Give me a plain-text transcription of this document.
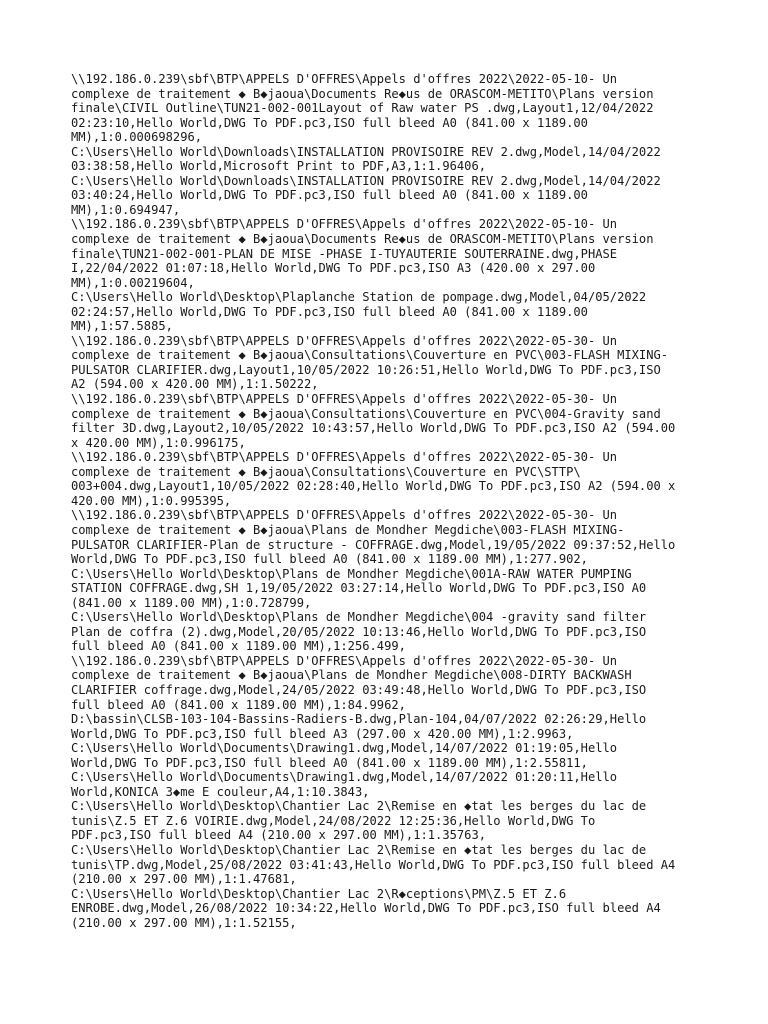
\\192.186.0.239\sbf\BTP\APPELS D'OFFRES\Appels d'offres 2022\2022-05-10- Un
complexe de traitement ◆ B◆jaoua\Documents Re◆us de ORASCOM-METITO\Plans version
finale\CIVIL Outline\TUN21-002-001Layout of Raw water PS .dwg,Layout1,12/04/2022
02:23:10,Hello World,DWG To PDF.pc3,ISO full bleed A0 (841.00 x 1189.00
MM),1:0.000698296,
C:\Users\Hello World\Downloads\INSTALLATION PROVISOIRE REV 2.dwg,Model,14/04/2022
03:38:58,Hello World,Microsoft Print to PDF,A3,1:1.96406,
C:\Users\Hello World\Downloads\INSTALLATION PROVISOIRE REV 2.dwg,Model,14/04/2022
03:40:24,Hello World,DWG To PDF.pc3,ISO full bleed A0 (841.00 x 1189.00
MM),1:0.694947,
\\192.186.0.239\sbf\BTP\APPELS D'OFFRES\Appels d'offres 2022\2022-05-10- Un
complexe de traitement ◆ B◆jaoua\Documents Re◆us de ORASCOM-METITO\Plans version
finale\TUN21-002-001-PLAN DE MISE -PHASE I-TUYAUTERIE SOUTERRAINE.dwg,PHASE
I,22/04/2022 01:07:18,Hello World,DWG To PDF.pc3,ISO A3 (420.00 x 297.00
MM),1:0.00219604,
C:\Users\Hello World\Desktop\Plaplanche Station de pompage.dwg,Model,04/05/2022
02:24:57,Hello World,DWG To PDF.pc3,ISO full bleed A0 (841.00 x 1189.00
MM),1:57.5885,
\\192.186.0.239\sbf\BTP\APPELS D'OFFRES\Appels d'offres 2022\2022-05-30- Un
complexe de traitement ◆ B◆jaoua\Consultations\Couverture en PVC\003-FLASH MIXING-
PULSATOR CLARIFIER.dwg,Layout1,10/05/2022 10:26:51,Hello World,DWG To PDF.pc3,ISO
A2 (594.00 x 420.00 MM),1:1.50222,
\\192.186.0.239\sbf\BTP\APPELS D'OFFRES\Appels d'offres 2022\2022-05-30- Un
complexe de traitement ◆ B◆jaoua\Consultations\Couverture en PVC\004-Gravity sand
filter 3D.dwg,Layout2,10/05/2022 10:43:57,Hello World,DWG To PDF.pc3,ISO A2 (594.00
x 420.00 MM),1:0.996175,
\\192.186.0.239\sbf\BTP\APPELS D'OFFRES\Appels d'offres 2022\2022-05-30- Un
complexe de traitement ◆ B◆jaoua\Consultations\Couverture en PVC\STTP\
003+004.dwg,Layout1,10/05/2022 02:28:40,Hello World,DWG To PDF.pc3,ISO A2 (594.00 x
420.00 MM),1:0.995395,
\\192.186.0.239\sbf\BTP\APPELS D'OFFRES\Appels d'offres 2022\2022-05-30- Un
complexe de traitement ◆ B◆jaoua\Plans de Mondher Megdiche\003-FLASH MIXING-
PULSATOR CLARIFIER-Plan de structure - COFFRAGE.dwg,Model,19/05/2022 09:37:52,Hello
World,DWG To PDF.pc3,ISO full bleed A0 (841.00 x 1189.00 MM),1:277.902,
C:\Users\Hello World\Desktop\Plans de Mondher Megdiche\001A-RAW WATER PUMPING
STATION COFFRAGE.dwg,SH 1,19/05/2022 03:27:14,Hello World,DWG To PDF.pc3,ISO A0
(841.00 x 1189.00 MM),1:0.728799,
C:\Users\Hello World\Desktop\Plans de Mondher Megdiche\004 -gravity sand filter
Plan de coffra (2).dwg,Model,20/05/2022 10:13:46,Hello World,DWG To PDF.pc3,ISO
full bleed A0 (841.00 x 1189.00 MM),1:256.499,
\\192.186.0.239\sbf\BTP\APPELS D'OFFRES\Appels d'offres 2022\2022-05-30- Un
complexe de traitement ◆ B◆jaoua\Plans de Mondher Megdiche\008-DIRTY BACKWASH
CLARIFIER coffrage.dwg,Model,24/05/2022 03:49:48,Hello World,DWG To PDF.pc3,ISO
full bleed A0 (841.00 x 1189.00 MM),1:84.9962,
D:\bassin\CLSB-103-104-Bassins-Radiers-B.dwg,Plan-104,04/07/2022 02:26:29,Hello
World,DWG To PDF.pc3,ISO full bleed A3 (297.00 x 420.00 MM),1:2.9963,
C:\Users\Hello World\Documents\Drawing1.dwg,Model,14/07/2022 01:19:05,Hello
World,DWG To PDF.pc3,ISO full bleed A0 (841.00 x 1189.00 MM),1:2.55811,
C:\Users\Hello World\Documents\Drawing1.dwg,Model,14/07/2022 01:20:11,Hello
World,KONICA 3◆me E couleur,A4,1:10.3843,
C:\Users\Hello World\Desktop\Chantier Lac 2\Remise en ◆tat les berges du lac de
tunis\Z.5 ET Z.6 VOIRIE.dwg,Model,24/08/2022 12:25:36,Hello World,DWG To
PDF.pc3,ISO full bleed A4 (210.00 x 297.00 MM),1:1.35763,
C:\Users\Hello World\Desktop\Chantier Lac 2\Remise en ◆tat les berges du lac de
tunis\TP.dwg,Model,25/08/2022 03:41:43,Hello World,DWG To PDF.pc3,ISO full bleed A4
(210.00 x 297.00 MM),1:1.47681,
C:\Users\Hello World\Desktop\Chantier Lac 2\R◆ceptions\PM\Z.5 ET Z.6
ENROBE.dwg,Model,26/08/2022 10:34:22,Hello World,DWG To PDF.pc3,ISO full bleed A4
(210.00 x 297.00 MM),1:1.52155,
